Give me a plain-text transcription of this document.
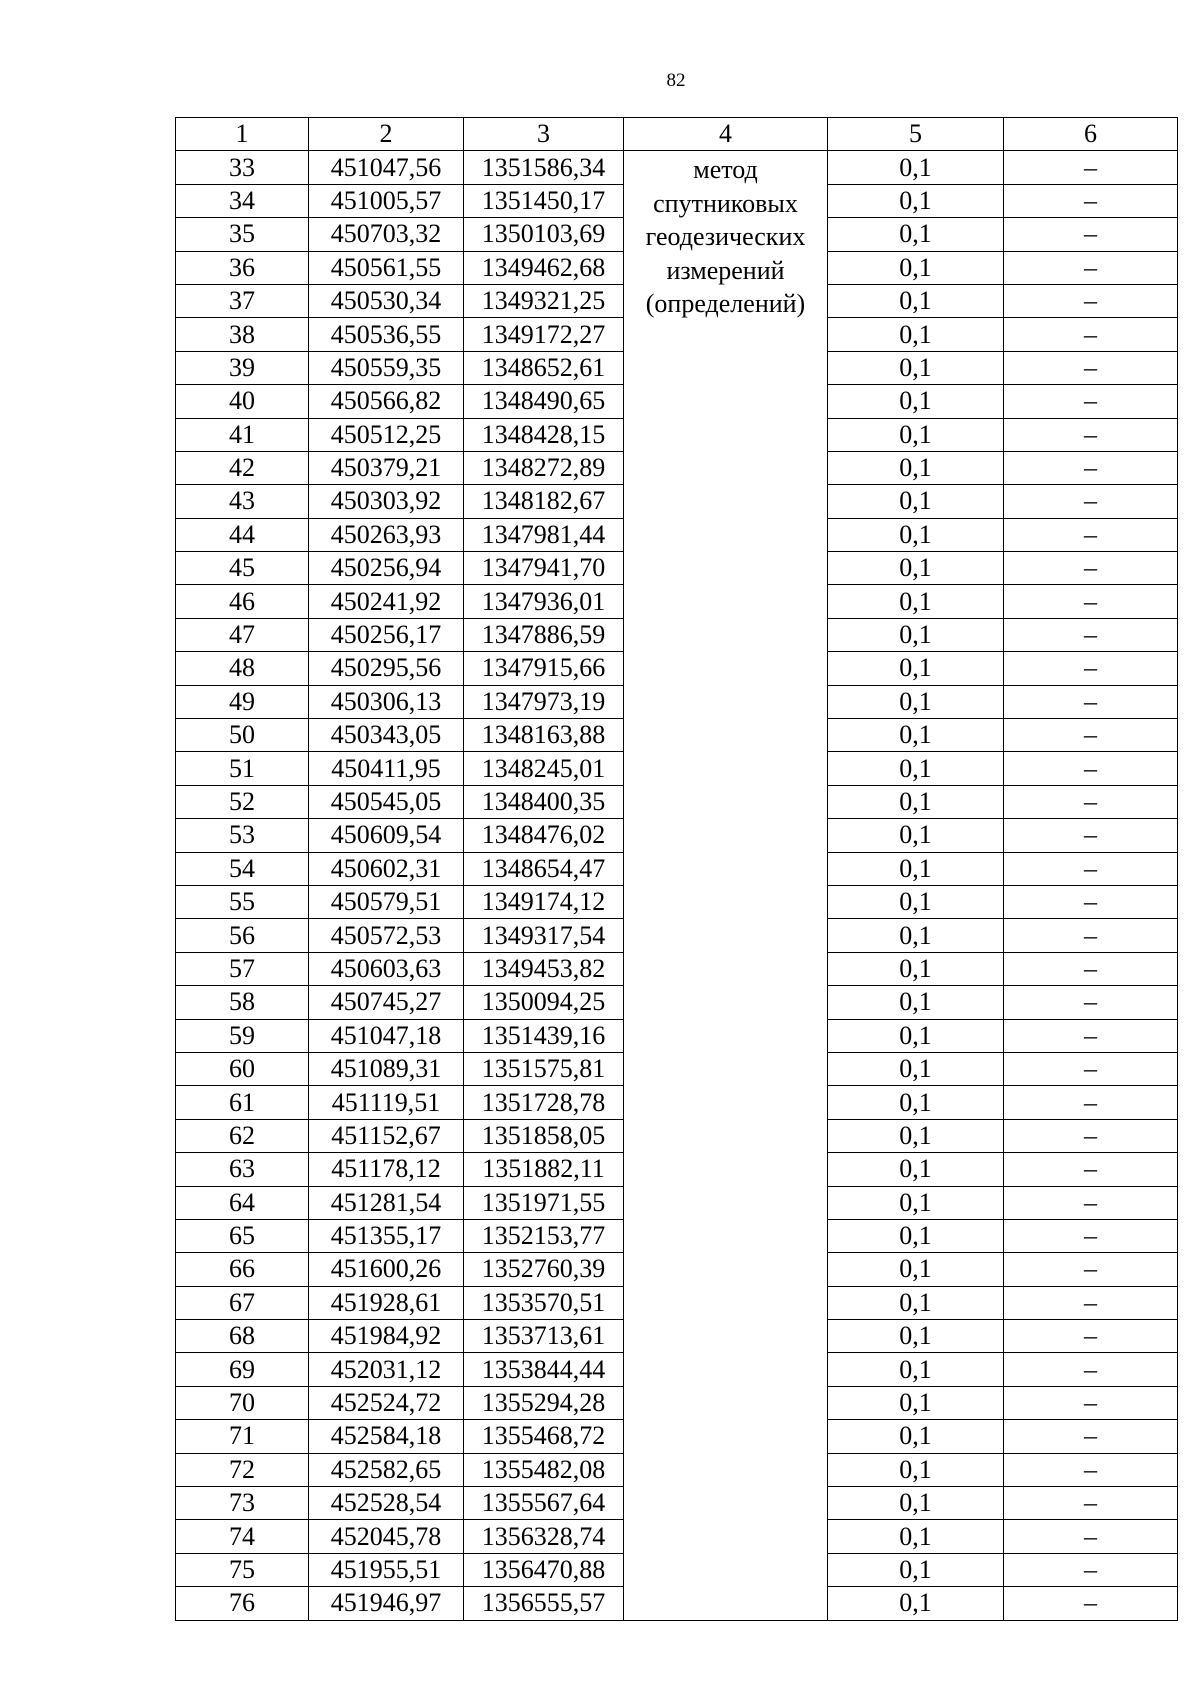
82
1	2	3	4	5	6
33	451047,56	1351586,34	метод
спутниковых
геодезических
измерений
(определений)	0,1	–
34	451005,57	1351450,17		0,1	–
35	450703,32	1350103,69		0,1	–
36	450561,55	1349462,68		0,1	–
37	450530,34	1349321,25		0,1	–
38	450536,55	1349172,27		0,1	–
39	450559,35	1348652,61		0,1	–
40	450566,82	1348490,65		0,1	–
41	450512,25	1348428,15		0,1	–
42	450379,21	1348272,89		0,1	–
43	450303,92	1348182,67		0,1	–
44	450263,93	1347981,44		0,1	–
45	450256,94	1347941,70		0,1	–
46	450241,92	1347936,01		0,1	–
47	450256,17	1347886,59		0,1	–
48	450295,56	1347915,66		0,1	–
49	450306,13	1347973,19		0,1	–
50	450343,05	1348163,88		0,1	–
51	450411,95	1348245,01		0,1	–
52	450545,05	1348400,35		0,1	–
53	450609,54	1348476,02		0,1	–
54	450602,31	1348654,47		0,1	–
55	450579,51	1349174,12		0,1	–
56	450572,53	1349317,54		0,1	–
57	450603,63	1349453,82		0,1	–
58	450745,27	1350094,25		0,1	–
59	451047,18	1351439,16		0,1	–
60	451089,31	1351575,81		0,1	–
61	451119,51	1351728,78		0,1	–
62	451152,67	1351858,05		0,1	–
63	451178,12	1351882,11		0,1	–
64	451281,54	1351971,55		0,1	–
65	451355,17	1352153,77		0,1	–
66	451600,26	1352760,39		0,1	–
67	451928,61	1353570,51		0,1	–
68	451984,92	1353713,61		0,1	–
69	452031,12	1353844,44		0,1	–
70	452524,72	1355294,28		0,1	–
71	452584,18	1355468,72		0,1	–
72	452582,65	1355482,08		0,1	–
73	452528,54	1355567,64		0,1	–
74	452045,78	1356328,74		0,1	–
75	451955,51	1356470,88		0,1	–
76	451946,97	1356555,57		0,1	–
